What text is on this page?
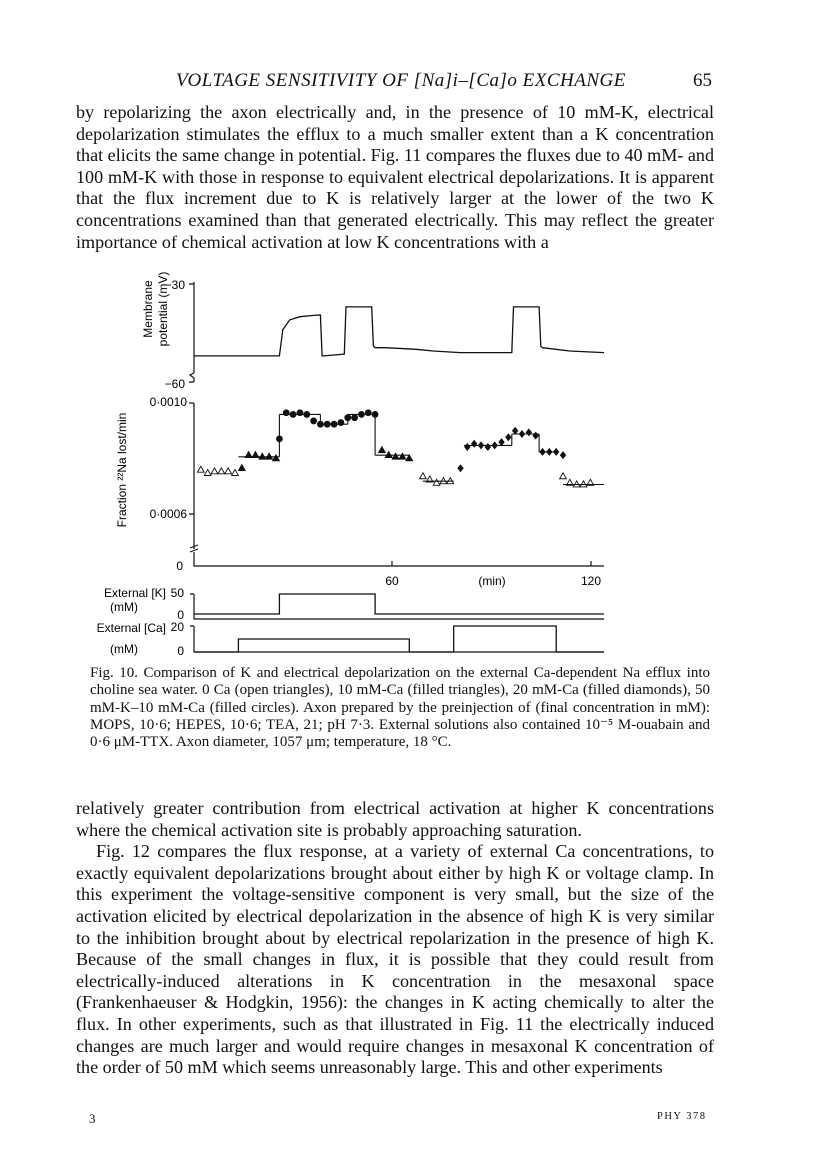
VOLTAGE SENSITIVITY OF [Na]i–[Ca]o EXCHANGE	65

by repolarizing the axon electrically and, in the presence of 10 mM-K, electrical depolarization stimulates the efflux to a much smaller extent than a K concentration that elicits the same change in potential. Fig. 11 compares the fluxes due to 40 mM- and 100 mM-K with those in response to equivalent electrical depolarizations. It is apparent that the flux increment due to K is relatively larger at the lower of the two K concentrations examined than that generated electrically. This may reflect the greater importance of chemical activation at low K concentrations with a

Membrane potential (mV)
−30
−60
Fraction ²²Na lost/min
0·0010
0·0006
0
60	(min)	120
External [K]
(mM)
50
0
External [Ca]
(mM)
20
0

Fig. 10. Comparison of K and electrical depolarization on the external Ca-dependent Na efflux into choline sea water. 0 Ca (open triangles), 10 mM-Ca (filled triangles), 20 mM-Ca (filled diamonds), 50 mM-K–10 mM-Ca (filled circles). Axon prepared by the preinjection of (final concentration in mM): MOPS, 10·6; HEPES, 10·6; TEA, 21; pH 7·3. External solutions also contained 10⁻⁵ M-ouabain and 0·6 μM-TTX. Axon diameter, 1057 μm; temperature, 18 °C.

relatively greater contribution from electrical activation at higher K concentrations where the chemical activation site is probably approaching saturation.

Fig. 12 compares the flux response, at a variety of external Ca concentrations, to exactly equivalent depolarizations brought about either by high K or voltage clamp. In this experiment the voltage-sensitive component is very small, but the size of the activation elicited by electrical depolarization in the absence of high K is very similar to the inhibition brought about by electrical repolarization in the presence of high K. Because of the small changes in flux, it is possible that they could result from electrically-induced alterations in K concentration in the mesaxonal space (Frankenhaeuser & Hodgkin, 1956): the changes in K acting chemically to alter the flux. In other experiments, such as that illustrated in Fig. 11 the electrically induced changes are much larger and would require changes in mesaxonal K concentration of the order of 50 mM which seems unreasonably large. This and other experiments

3	PHY 378
